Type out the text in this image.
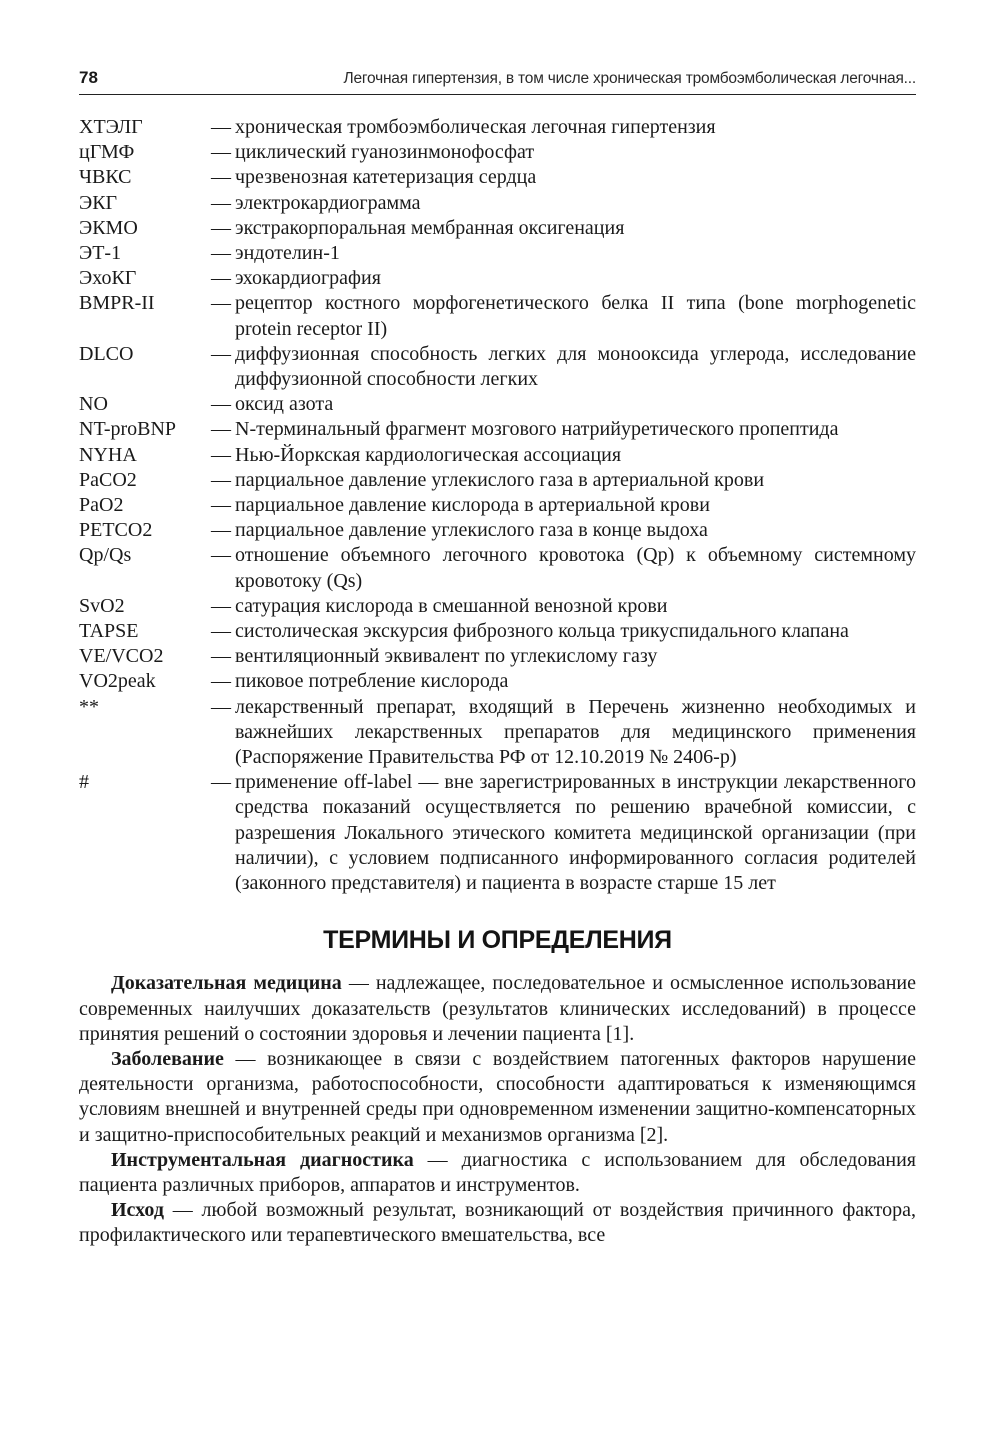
78	Легочная гипертензия, в том числе хроническая тромбоэмболическая легочная...
ХТЭЛГ	— хроническая тромбоэмболическая легочная гипертензия
цГМФ	— циклический гуанозинмонофосфат
ЧВКС	— чрезвенозная катетеризация сердца
ЭКГ	— электрокардиограмма
ЭКМО	— экстракорпоральная мембранная оксигенация
ЭТ-1	— эндотелин-1
ЭхоКГ	— эхокардиография
BMPR-II	— рецептор костного морфогенетического белка II типа (bone morphogenetic protein receptor II)
DLCO	— диффузионная способность легких для монооксида углерода, исследование диффузионной способности легких
NO	— оксид азота
NT-proBNP	— N-терминальный фрагмент мозгового натрийуретического пропептида
NYHA	— Нью-Йоркская кардиологическая ассоциация
PaCO2	— парциальное давление углекислого газа в артериальной крови
PaO2	— парциальное давление кислорода в артериальной крови
PETCO2	— парциальное давление углекислого газа в конце выдоха
Qp/Qs	— отношение объемного легочного кровотока (Qp) к объемному системному кровотоку (Qs)
SvO2	— сатурация кислорода в смешанной венозной крови
TAPSE	— систолическая экскурсия фиброзного кольца трикуспидального клапана
VE/VCO2	— вентиляционный эквивалент по углекислому газу
VO2peak	— пиковое потребление кислорода
**	— лекарственный препарат, входящий в Перечень жизненно необходимых и важнейших лекарственных препаратов для медицинского применения (Распоряжение Правительства РФ от 12.10.2019 № 2406-р)
#	— применение off-label — вне зарегистрированных в инструкции лекарственного средства показаний осуществляется по решению врачебной комиссии, с разрешения Локального этического комитета медицинской организации (при наличии), с условием подписанного информированного согласия родителей (законного представителя) и пациента в возрасте старше 15 лет
ТЕРМИНЫ И ОПРЕДЕЛЕНИЯ

Доказательная медицина — надлежащее, последовательное и осмысленное использование современных наилучших доказательств (результатов клинических исследований) в процессе принятия решений о состоянии здоровья и лечении пациента [1].

Заболевание — возникающее в связи с воздействием патогенных факторов нарушение деятельности организма, работоспособности, способности адаптироваться к изменяющимся условиям внешней и внутренней среды при одновременном изменении защитно-компенсаторных и защитно-приспособительных реакций и механизмов организма [2].

Инструментальная диагностика — диагностика с использованием для обследования пациента различных приборов, аппаратов и инструментов.

Исход — любой возможный результат, возникающий от воздействия причинного фактора, профилактического или терапевтического вмешательства, все
